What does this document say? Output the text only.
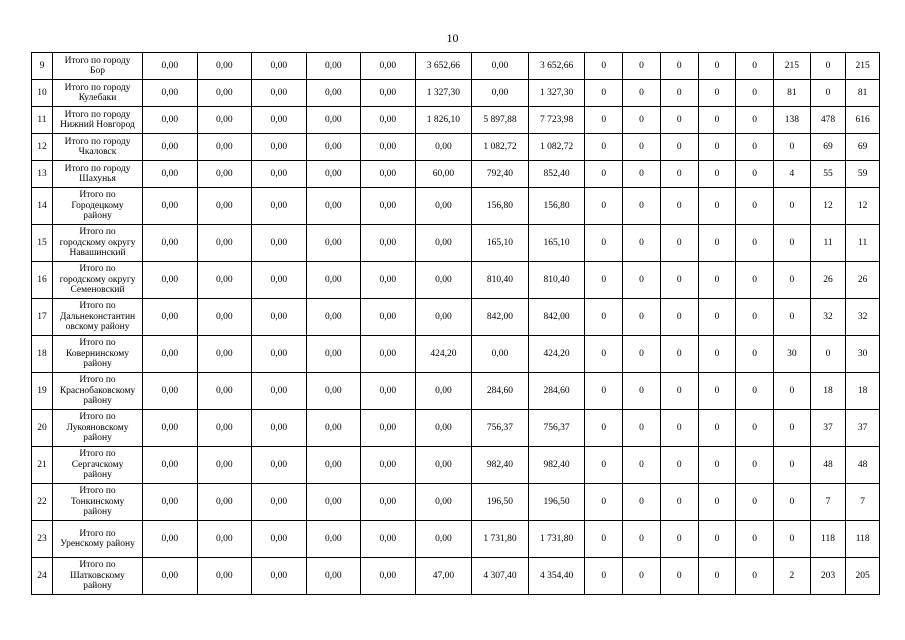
10
9	Итого по городу
Бор	0,00	0,00	0,00	0,00	0,00	3 652,66	0,00	3 652,66	0	0	0	0	0	215	0	215
10	Итого по городу
Кулебаки	0,00	0,00	0,00	0,00	0,00	1 327,30	0,00	1 327,30	0	0	0	0	0	81	0	81
11	Итого по городу
Нижний Новгород	0,00	0,00	0,00	0,00	0,00	1 826,10	5 897,88	7 723,98	0	0	0	0	0	138	478	616
12	Итого по городу
Чкаловск	0,00	0,00	0,00	0,00	0,00	0,00	1 082,72	1 082,72	0	0	0	0	0	0	69	69
13	Итого по городу
Шахунья	0,00	0,00	0,00	0,00	0,00	60,00	792,40	852,40	0	0	0	0	0	4	55	59
14	Итого по
Городецкому
району	0,00	0,00	0,00	0,00	0,00	0,00	156,80	156,80	0	0	0	0	0	0	12	12
15	Итого по
городскому округу
Навашинский	0,00	0,00	0,00	0,00	0,00	0,00	165,10	165,10	0	0	0	0	0	0	11	11
16	Итого по
городскому округу
Семеновский	0,00	0,00	0,00	0,00	0,00	0,00	810,40	810,40	0	0	0	0	0	0	26	26
17	Итого по
Дальнеконстантин
овскому району	0,00	0,00	0,00	0,00	0,00	0,00	842,00	842,00	0	0	0	0	0	0	32	32
18	Итого по
Ковернинскому
району	0,00	0,00	0,00	0,00	0,00	424,20	0,00	424,20	0	0	0	0	0	30	0	30
19	Итого по
Краснобаковскому
району	0,00	0,00	0,00	0,00	0,00	0,00	284,60	284,60	0	0	0	0	0	0	18	18
20	Итого по
Лукояновскому
району	0,00	0,00	0,00	0,00	0,00	0,00	756,37	756,37	0	0	0	0	0	0	37	37
21	Итого по
Сергачскому
району	0,00	0,00	0,00	0,00	0,00	0,00	982,40	982,40	0	0	0	0	0	0	48	48
22	Итого по
Тонкинскому
району	0,00	0,00	0,00	0,00	0,00	0,00	196,50	196,50	0	0	0	0	0	0	7	7
23	Итого по
Уренскому району	0,00	0,00	0,00	0,00	0,00	0,00	1 731,80	1 731,80	0	0	0	0	0	0	118	118
24	Итого по
Шатковскому
району	0,00	0,00	0,00	0,00	0,00	47,00	4 307,40	4 354,40	0	0	0	0	0	2	203	205
